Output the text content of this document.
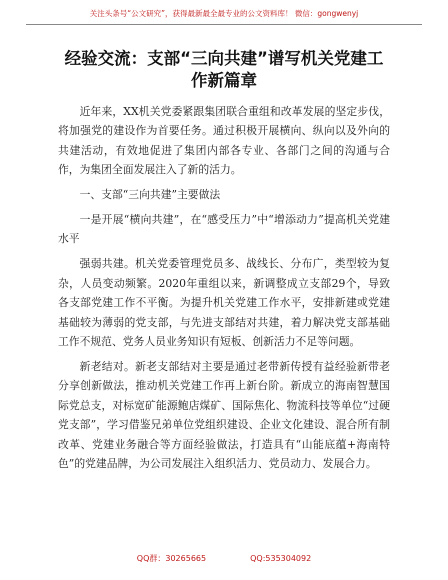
关注头条号“公文研究”，获得最新最全最专业的公文资料库！ 微信：gongwenyj
经验交流：支部“三向共建”谱写机关党建工
作新篇章

近年来，XX机关党委紧跟集团联合重组和改革发展的坚定步伐，将加强党的建设作为首要任务。通过积极开展横向、纵向以及外向的共建活动，有效地促进了集团内部各专业、各部门之间的沟通与合作，为集团全面发展注入了新的活力。

一、支部“三向共建”主要做法

一是开展“横向共建”，在“感受压力”中“增添动力”提高机关党建水平

强弱共建。机关党委管理党员多、战线长、分布广，类型较为复杂，人员变动频繁。2020年重组以来，新调整成立支部29个，导致各支部党建工作不平衡。为提升机关党建工作水平，安排新建或党建基础较为薄弱的党支部，与先进支部结对共建，着力解决党支部基础工作不规范、党务人员业务知识有短板、创新活力不足等问题。

新老结对。新老支部结对主要是通过老带新传授有益经验新带老分享创新做法，推动机关党建工作再上新台阶。新成立的海南智慧国际党总支，对标宽矿能源鲍店煤矿、国际焦化、物流科技等单位“过硬党支部”，学习借鉴兄弟单位党组织建设、企业文化建设、混合所有制改革、党建业务融合等方面经验做法，打造具有“山能底蕴+海南特色”的党建品牌，为公司发展注入组织活力、党员动力、发展合力。

QQ群：30265665	QQ:535304092
